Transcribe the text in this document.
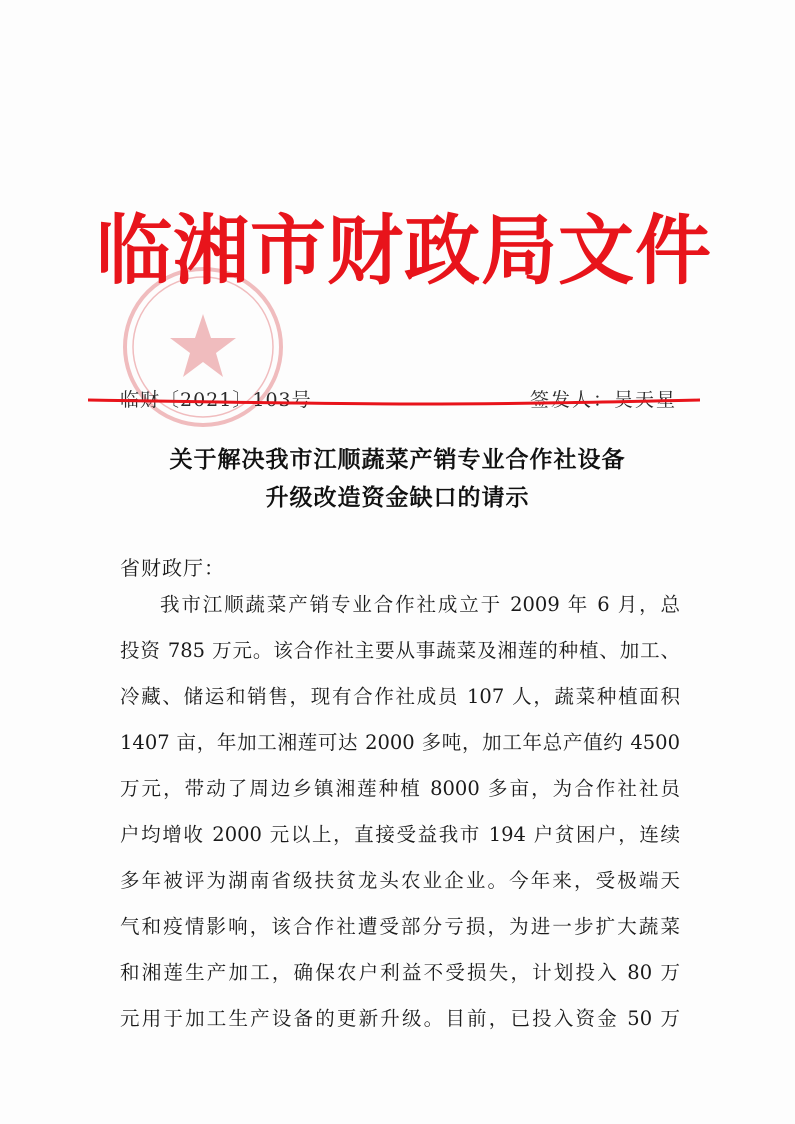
临湘市财政局文件
临财〔2021〕103号	签发人：吴天星
关于解决我市江顺蔬菜产销专业合作社设备
升级改造资金缺口的请示
省财政厅：
我市江顺蔬菜产销专业合作社成立于 2009 年 6 月，总
投资 785 万元。该合作社主要从事蔬菜及湘莲的种植、加工、
冷藏、储运和销售，现有合作社成员 107 人，蔬菜种植面积
1407 亩，年加工湘莲可达 2000 多吨，加工年总产值约 4500
万元，带动了周边乡镇湘莲种植 8000 多亩，为合作社社员
户均增收 2000 元以上，直接受益我市 194 户贫困户，连续
多年被评为湖南省级扶贫龙头农业企业。今年来，受极端天
气和疫情影响，该合作社遭受部分亏损，为进一步扩大蔬菜
和湘莲生产加工，确保农户利益不受损失，计划投入 80 万
元用于加工生产设备的更新升级。目前，已投入资金 50 万
